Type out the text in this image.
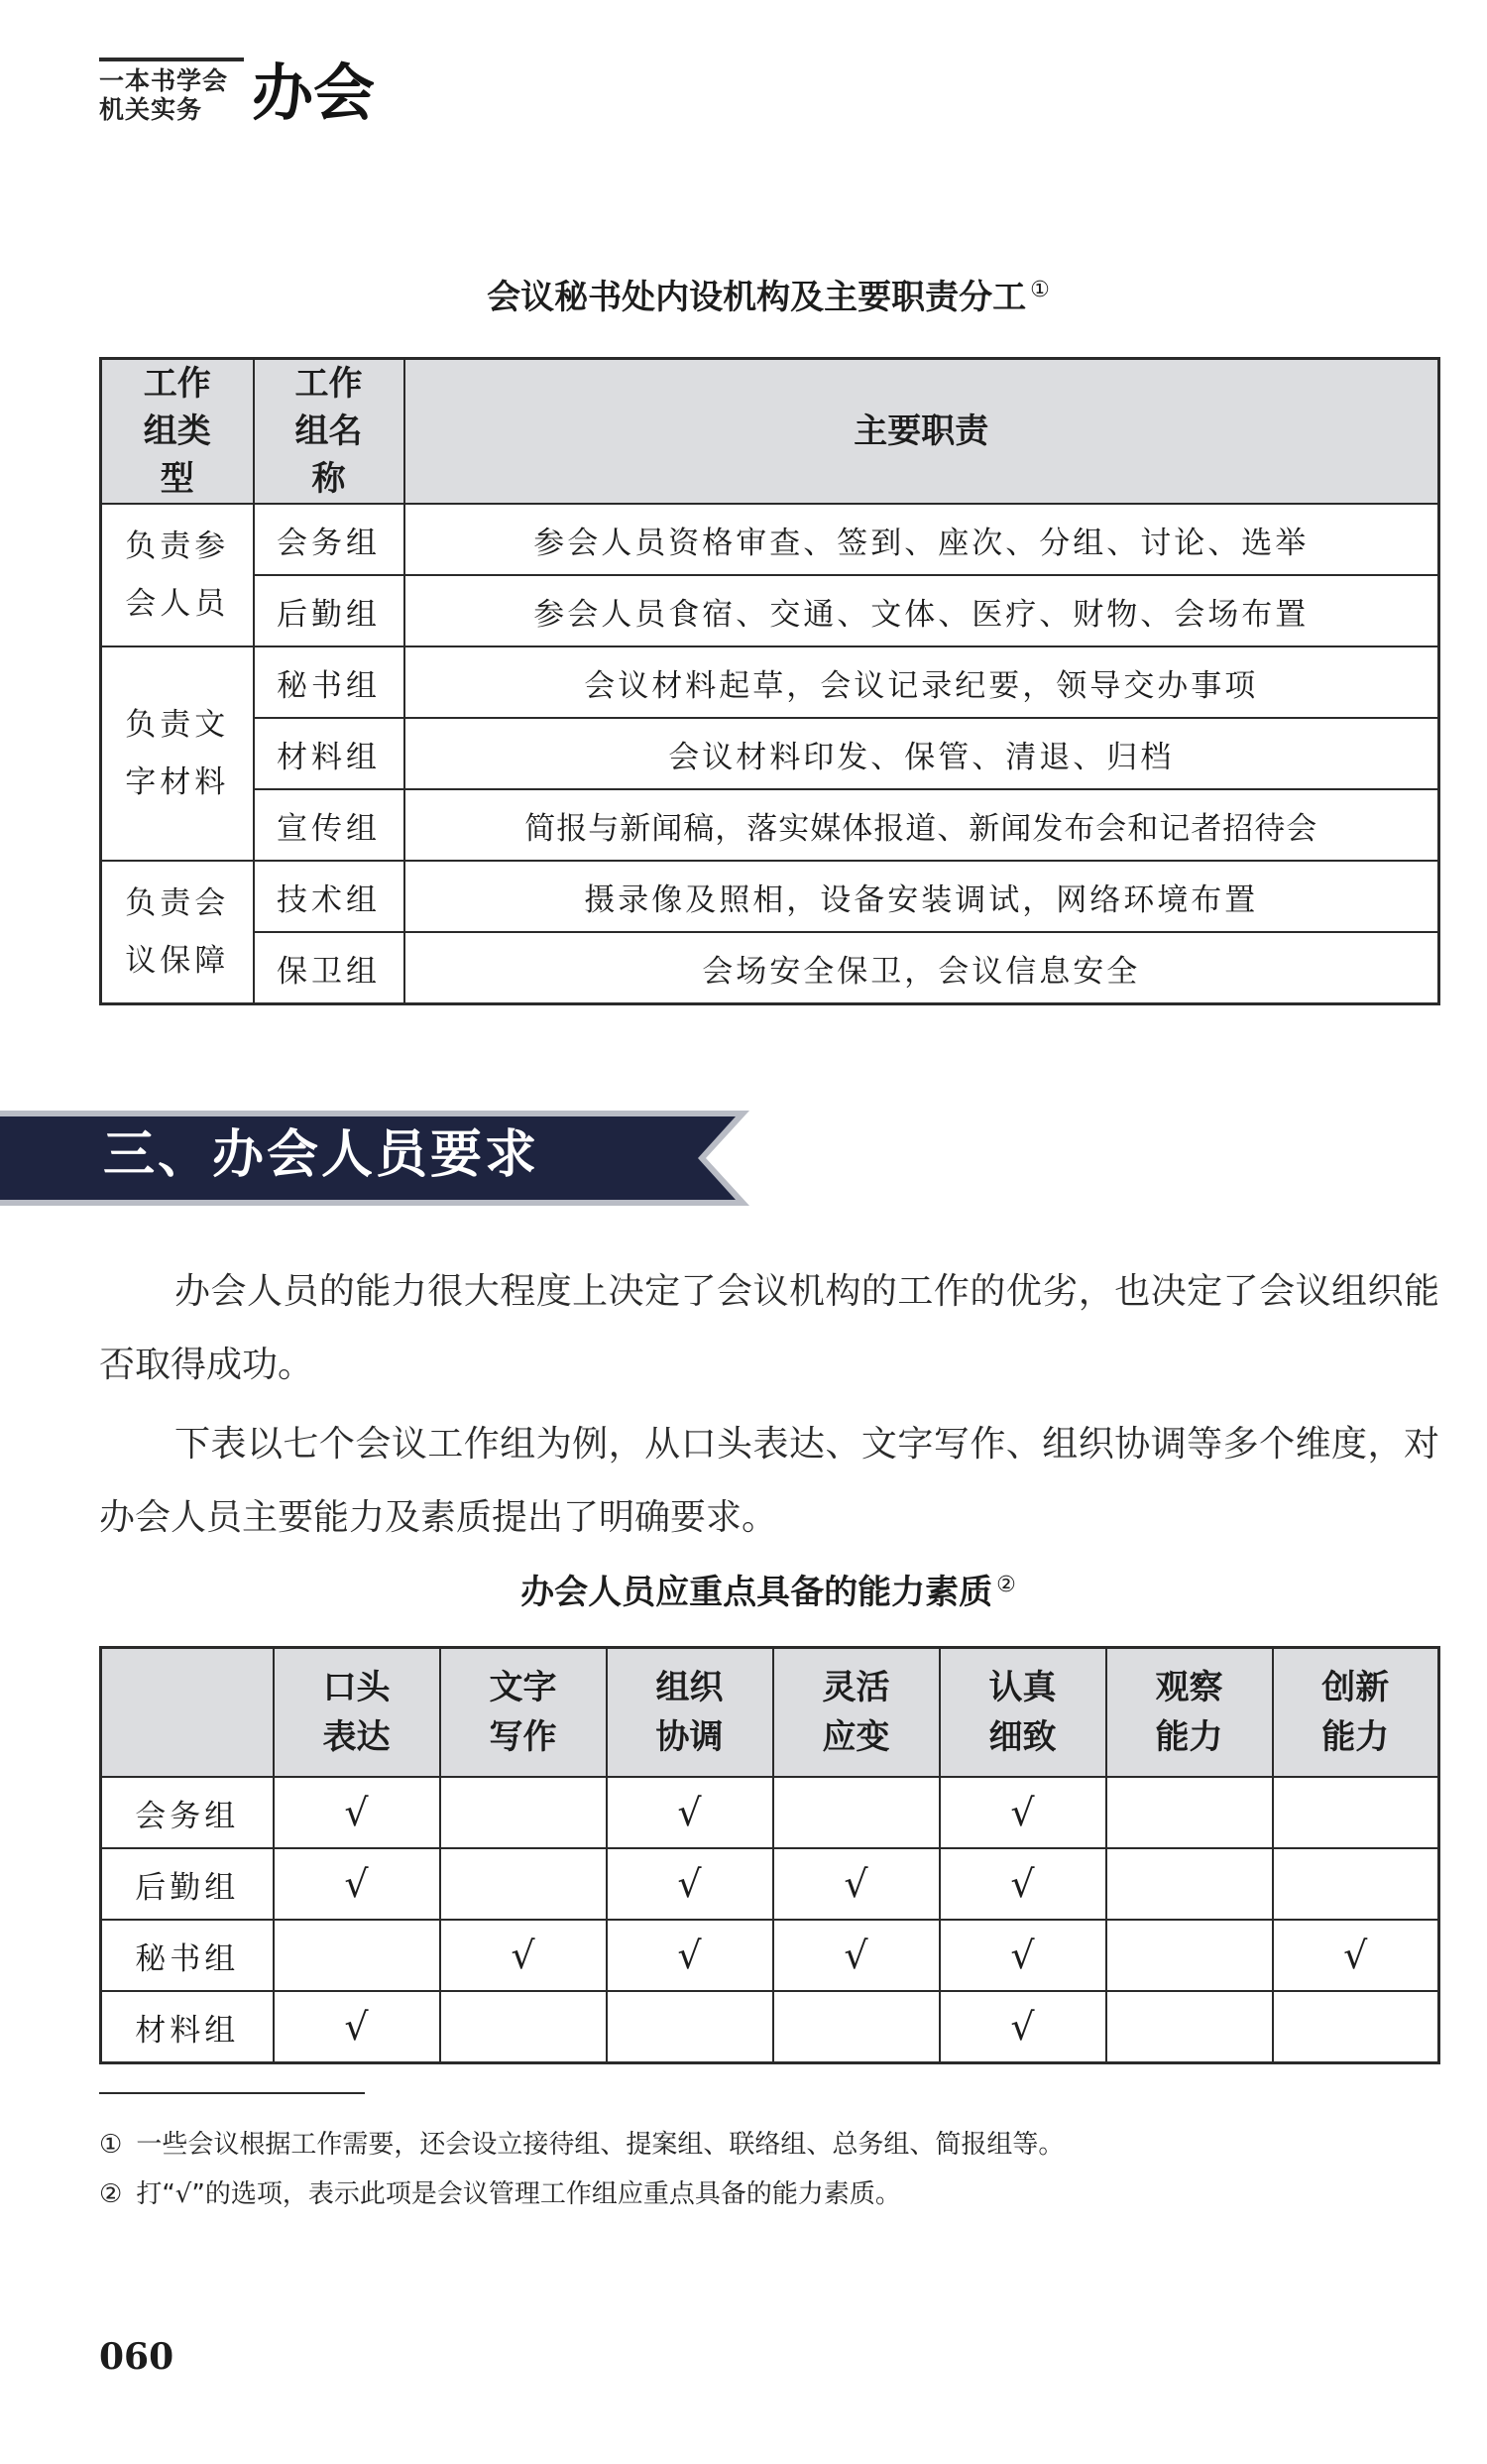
一本书学会
机关实务 办会
会议秘书处内设机构及主要职责分工 ①
工作组类型	工作组名称	主要职责
负责参会人员	会务组	参会人员资格审查、签到、座次、分组、讨论、选举
	后勤组	参会人员食宿、交通、文体、医疗、财物、会场布置
负责文字材料	秘书组	会议材料起草，会议记录纪要，领导交办事项
	材料组	会议材料印发、保管、清退、归档
	宣传组	简报与新闻稿，落实媒体报道、新闻发布会和记者招待会
负责会议保障	技术组	摄录像及照相，设备安装调试，网络环境布置
	保卫组	会场安全保卫，会议信息安全
三、办会人员要求
办会人员的能力很大程度上决定了会议机构的工作的优劣，也决定了会议组织能否取得成功。
下表以七个会议工作组为例，从口头表达、文字写作、组织协调等多个维度，对办会人员主要能力及素质提出了明确要求。
办会人员应重点具备的能力素质 ②
	口头表达	文字写作	组织协调	灵活应变	认真细致	观察能力	创新能力
会务组	√		√		√		
后勤组	√		√	√	√		
秘书组		√	√	√	√		√
材料组	√				√		
① 一些会议根据工作需要，还会设立接待组、提案组、联络组、总务组、简报组等。
② 打“√”的选项，表示此项是会议管理工作组应重点具备的能力素质。
060
